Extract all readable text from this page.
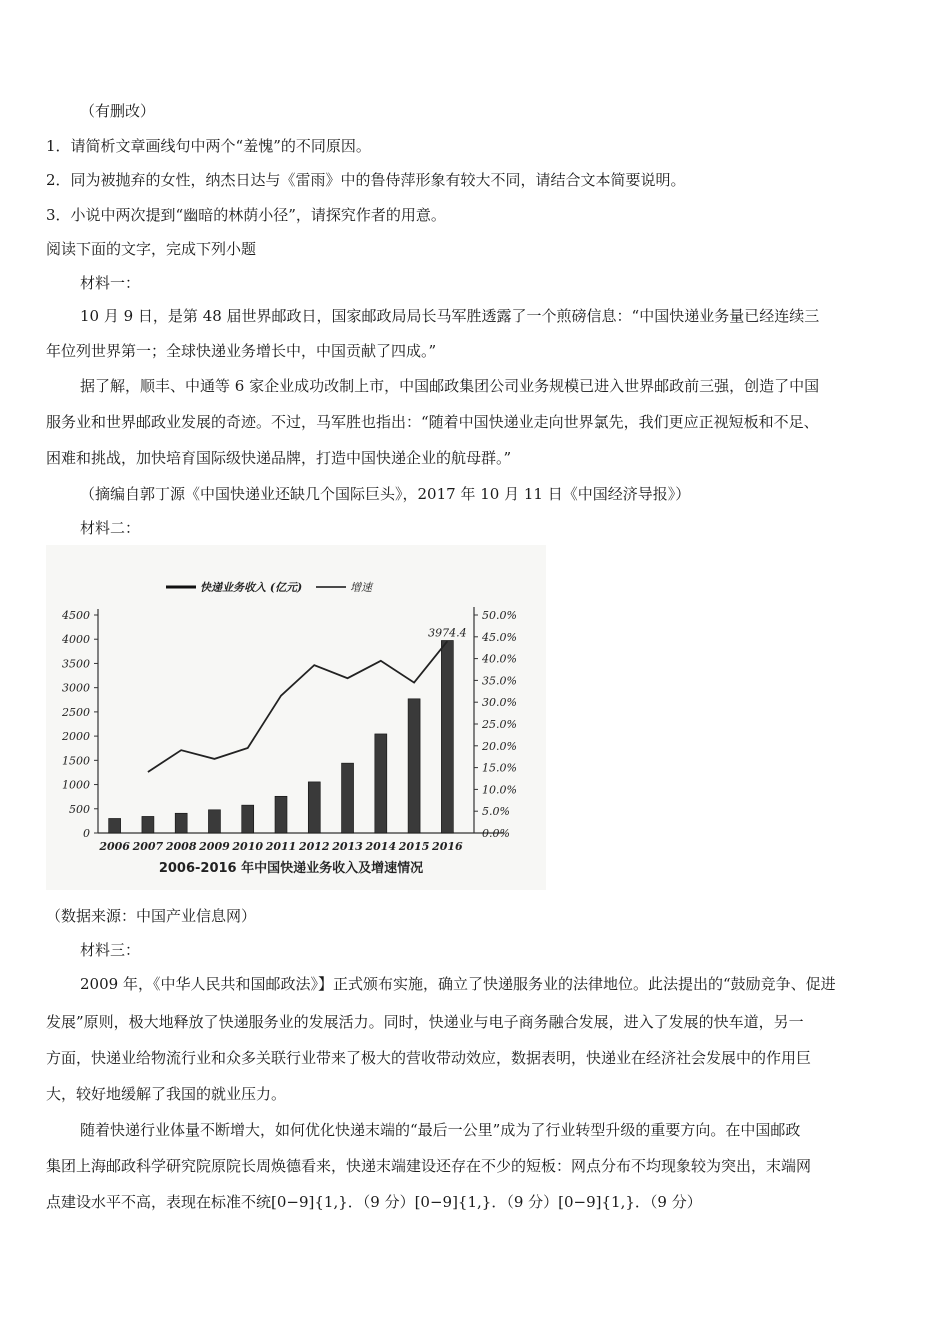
（有删改）
1．请简析文章画线句中两个“羞愧”的不同原因。
2．同为被抛弃的女性，纳杰日达与《雷雨》中的鲁侍萍形象有较大不同，请结合文本简要说明。
3．小说中两次提到“幽暗的林荫小径”，请探究作者的用意。
阅读下面的文字，完成下列小题
材料一：
10 月 9 日，是第 48 届世界邮政日，国家邮政局局长马军胜透露了一个煎磅信息：“中国快递业务量已经连续三
年位列世界第一；全球快递业务增长中，中国贡献了四成。”
据了解，顺丰、中通等 6 家企业成功改制上市，中国邮政集团公司业务规模已进入世界邮政前三强，创造了中国
服务业和世界邮政业发展的奇迹。不过，马军胜也指出：“随着中国快递业走向世界氯先，我们更应正视短板和不足、
困难和挑战，加快培育国际级快递品牌，打造中国快递企业的航母群。”
（摘编自郭丁源《中国快递业还缺几个国际巨头》，2017 年 10 月 11 日《中国经济导报》）
材料二：
4500
4000
3500
3000
2500
2000
1500
1000
500
0
50.0%
45.0%
40.0%
35.0%
30.0%
25.0%
20.0%
15.0%
10.0%
5.0%
0.0%
2006 2007 2008 2009 2010 2011 2012 2013 2014 2015 2016
3974.4
快递业务收入 (亿元)	增速
2006-2016 年中国快递业务收入及增速情况
（数据来源：中国产业信息网）
材料三：
2009 年，《中华人民共和国邮政法》】正式颁布实施，确立了快递服务业的法律地位。此法提出的“鼓励竞争、促进
发展”原则，极大地释放了快递服务业的发展活力。同时，快递业与电子商务融合发展，进入了发展的快车道，另一
方面，快递业给物流行业和众多关联行业带来了极大的营收带动效应，数据表明，快递业在经济社会发展中的作用巨
大，较好地缓解了我国的就业压力。
随着快递行业体量不断增大，如何优化快递末端的“最后一公里”成为了行业转型升级的重要方向。在中国邮政
集团上海邮政科学研究院原院长周焕德看来，快递末端建设还存在不少的短板：网点分布不均现象较为突出，末端网
点建设水平不高，表现在标准不统[0−9]{1,}．（9 分）[0−9]{1,}．（9 分）[0−9]{1,}．（9 分）
